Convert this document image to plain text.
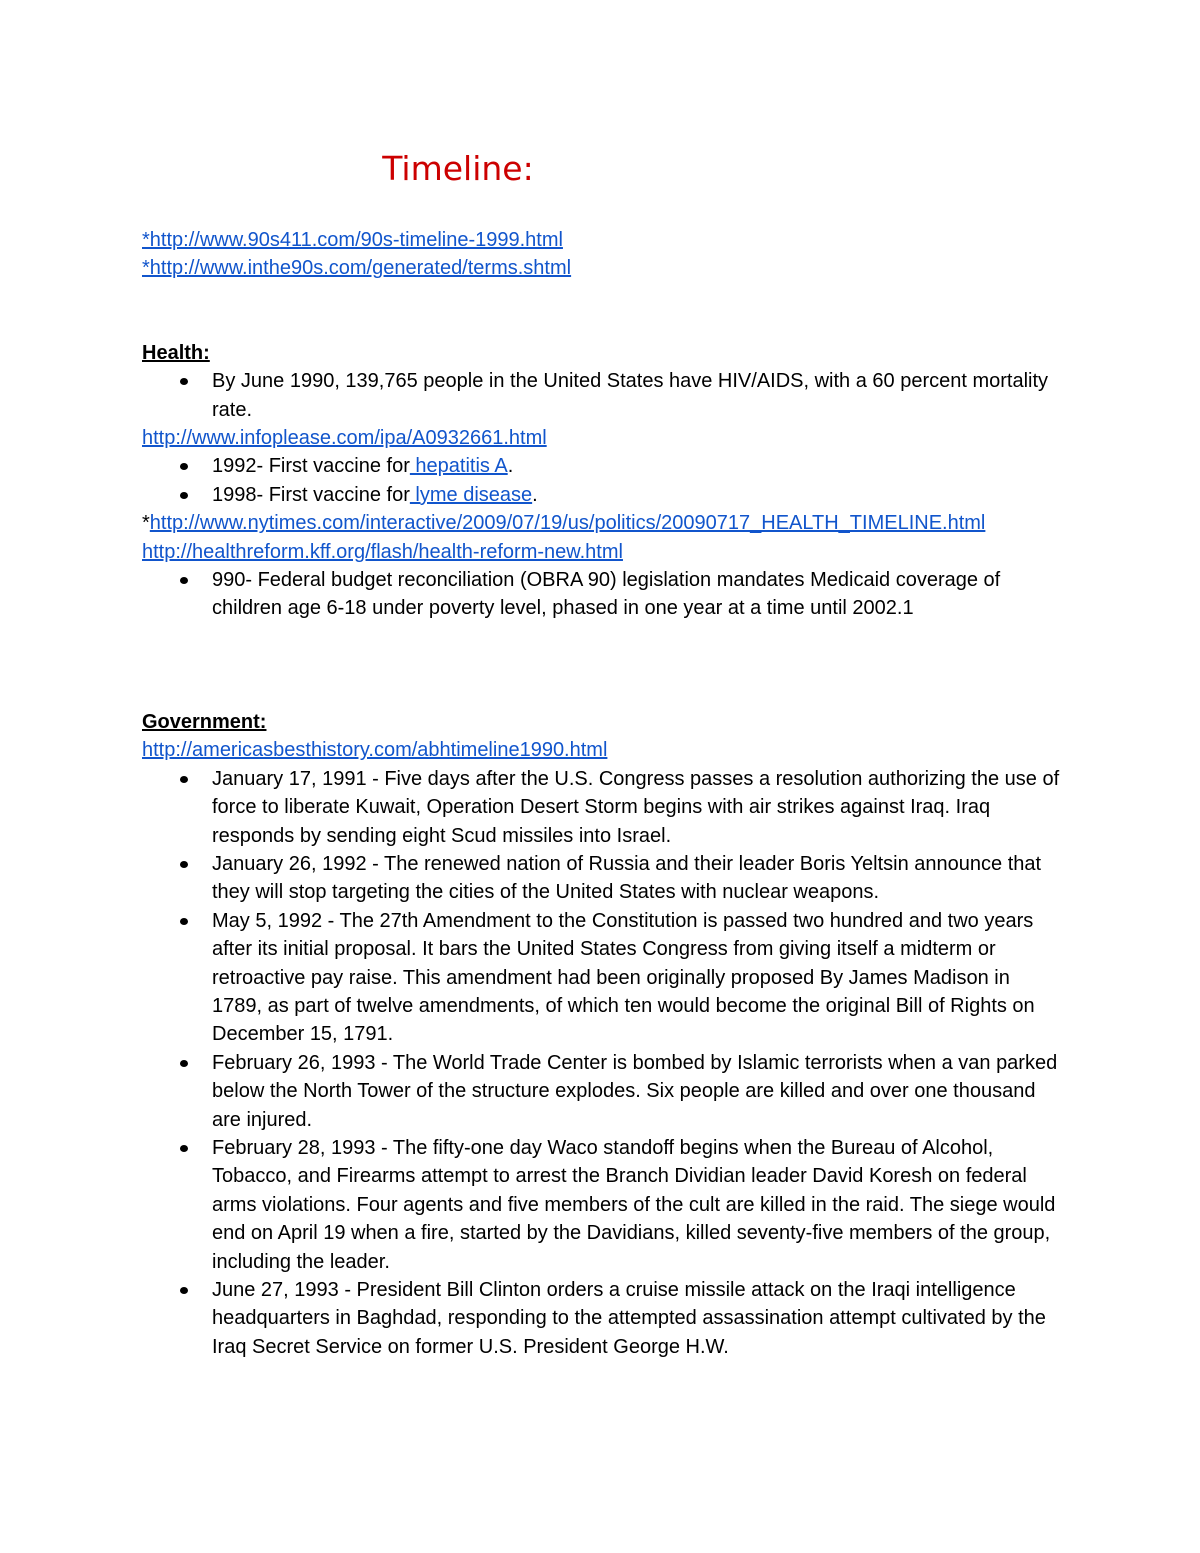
Timeline:
*http://www.90s411.com/90s-timeline-1999.html
*http://www.inthe90s.com/generated/terms.shtml
Health:
By June 1990, 139,765 people in the United States have HIV/AIDS, with a 60 percent mortality rate.
http://www.infoplease.com/ipa/A0932661.html
1992- First vaccine for hepatitis A.
1998- First vaccine for lyme disease.
*http://www.nytimes.com/interactive/2009/07/19/us/politics/20090717_HEALTH_TIMELINE.html
http://healthreform.kff.org/flash/health-reform-new.html
990- Federal budget reconciliation (OBRA 90) legislation mandates Medicaid coverage of children age 6-18 under poverty level, phased in one year at a time until 2002.1
Government:
http://americasbesthistory.com/abhtimeline1990.html
January 17, 1991 - Five days after the U.S. Congress passes a resolution authorizing the use of force to liberate Kuwait, Operation Desert Storm begins with air strikes against Iraq. Iraq responds by sending eight Scud missiles into Israel.
January 26, 1992 - The renewed nation of Russia and their leader Boris Yeltsin announce that they will stop targeting the cities of the United States with nuclear weapons.
May 5, 1992 - The 27th Amendment to the Constitution is passed two hundred and two years after its initial proposal. It bars the United States Congress from giving itself a midterm or retroactive pay raise. This amendment had been originally proposed By James Madison in 1789, as part of twelve amendments, of which ten would become the original Bill of Rights on December 15, 1791.
February 26, 1993 - The World Trade Center is bombed by Islamic terrorists when a van parked below the North Tower of the structure explodes. Six people are killed and over one thousand are injured.
February 28, 1993 - The fifty-one day Waco standoff begins when the Bureau of Alcohol, Tobacco, and Firearms attempt to arrest the Branch Dividian leader David Koresh on federal arms violations. Four agents and five members of the cult are killed in the raid. The siege would end on April 19 when a fire, started by the Davidians, killed seventy-five members of the group, including the leader.
June 27, 1993 - President Bill Clinton orders a cruise missile attack on the Iraqi intelligence headquarters in Baghdad, responding to the attempted assassination attempt cultivated by the Iraq Secret Service on former U.S. President George H.W.
